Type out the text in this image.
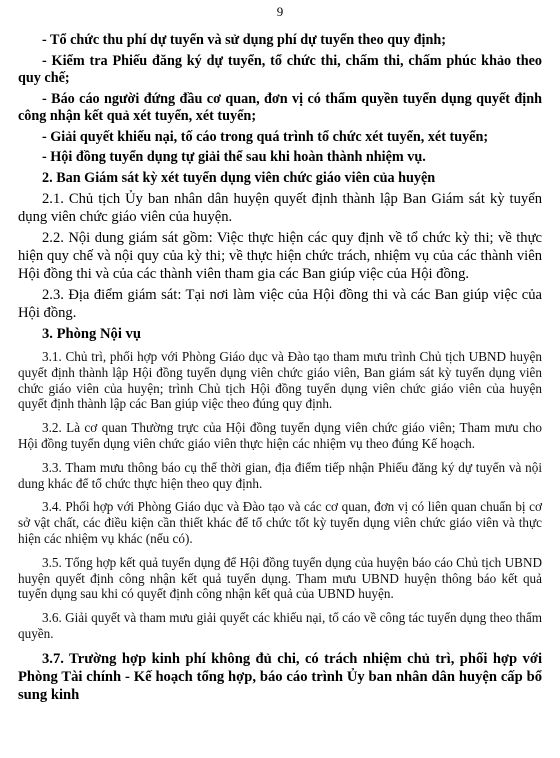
9

- Tổ chức thu phí dự tuyển và sử dụng phí dự tuyển theo quy định;

- Kiểm tra Phiếu đăng ký dự tuyển, tổ chức thi, chấm thi, chấm phúc khảo theo quy chế;

- Báo cáo người đứng đầu cơ quan, đơn vị có thẩm quyền tuyển dụng quyết định công nhận kết quả xét tuyển, xét tuyển;

- Giải quyết khiếu nại, tố cáo trong quá trình tổ chức xét tuyển, xét tuyển;

- Hội đồng tuyển dụng tự giải thể sau khi hoàn thành nhiệm vụ.

2. Ban Giám sát kỳ xét tuyển dụng viên chức giáo viên của huyện

2.1. Chủ tịch Ủy ban nhân dân huyện quyết định thành lập Ban Giám sát kỳ tuyển dụng viên chức giáo viên của huyện.

2.2. Nội dung giám sát gồm: Việc thực hiện các quy định về tổ chức kỳ thi; về thực hiện quy chế và nội quy của kỳ thi; về thực hiện chức trách, nhiệm vụ của các thành viên Hội đồng thi và của các thành viên tham gia các Ban giúp việc của Hội đồng.

2.3. Địa điểm giám sát: Tại nơi làm việc của Hội đồng thi và các Ban giúp việc của Hội đồng.

3. Phòng Nội vụ

3.1. Chủ trì, phối hợp với Phòng Giáo dục và Đào tạo tham mưu trình Chủ tịch UBND huyện quyết định thành lập Hội đồng tuyển dụng viên chức giáo viên, Ban giám sát kỳ tuyển dụng viên chức giáo viên của huyện; trình Chủ tịch Hội đồng tuyển dụng viên chức giáo viên của huyện quyết định thành lập các Ban giúp việc theo đúng quy định.

3.2. Là cơ quan Thường trực của Hội đồng tuyển dụng viên chức giáo viên; Tham mưu cho Hội đồng tuyển dụng viên chức giáo viên thực hiện các nhiệm vụ theo đúng Kế hoạch.

3.3. Tham mưu thông báo cụ thể thời gian, địa điểm tiếp nhận Phiếu đăng ký dự tuyển và nội dung khác để tổ chức thực hiện theo quy định.

3.4. Phối hợp với Phòng Giáo dục và Đào tạo và các cơ quan, đơn vị có liên quan chuẩn bị cơ sở vật chất, các điều kiện cần thiết khác để tổ chức tốt kỳ tuyển dụng viên chức giáo viên và thực hiện các nhiệm vụ khác (nếu có).

3.5. Tổng hợp kết quả tuyển dụng để Hội đồng tuyển dụng của huyện báo cáo Chủ tịch UBND huyện quyết định công nhận kết quả tuyển dụng. Tham mưu UBND huyện thông báo kết quả tuyển dụng sau khi có quyết định công nhận kết quả của UBND huyện.

3.6. Giải quyết và tham mưu giải quyết các khiếu nại, tố cáo về công tác tuyển dụng theo thẩm quyền.

3.7. Trường hợp kinh phí không đủ chi, có trách nhiệm chủ trì, phối hợp với Phòng Tài chính - Kế hoạch tổng hợp, báo cáo trình Ủy ban nhân dân huyện cấp bổ sung kinh
